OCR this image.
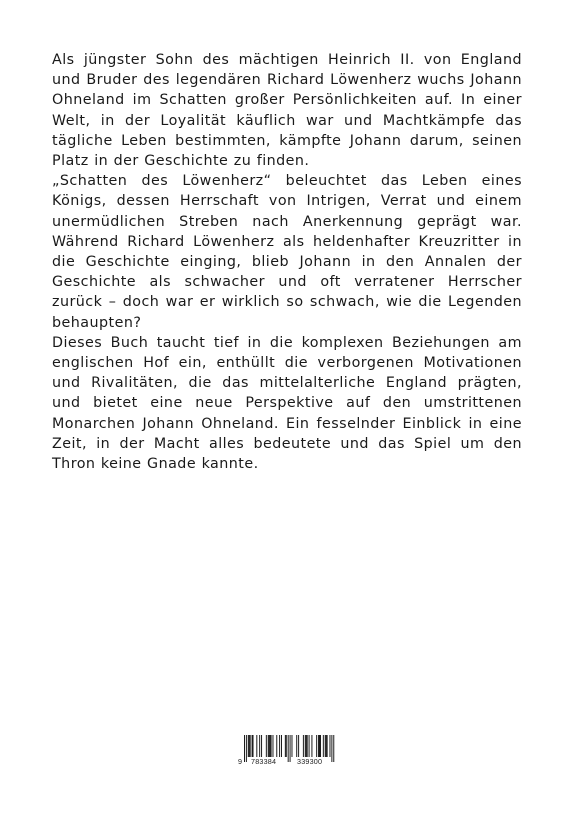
Als jüngster Sohn des mächtigen Heinrich II. von England und Bruder des legendären Richard Löwenherz wuchs Johann Ohneland im Schatten großer Persönlichkeiten auf. In einer Welt, in der Loyalität käuflich war und Machtkämpfe das tägliche Leben bestimmten, kämpfte Johann darum, seinen Platz in der Geschichte zu finden.

„Schatten des Löwenherz“ beleuchtet das Leben eines Königs, dessen Herrschaft von Intrigen, Verrat und einem unermüdlichen Streben nach Anerkennung geprägt war. Während Richard Löwenherz als heldenhafter Kreuzritter in die Geschichte einging, blieb Johann in den Annalen der Geschichte als schwacher und oft verratener Herrscher zurück – doch war er wirklich so schwach, wie die Legenden behaupten?

Dieses Buch taucht tief in die komplexen Beziehungen am englischen Hof ein, enthüllt die verborgenen Motivationen und Rivalitäten, die das mittelalterliche England prägten, und bietet eine neue Perspektive auf den umstrittenen Monarchen Johann Ohneland. Ein fesselnder Einblick in eine Zeit, in der Macht alles bedeutete und das Spiel um den Thron keine Gnade kannte.

9 783384	339300
